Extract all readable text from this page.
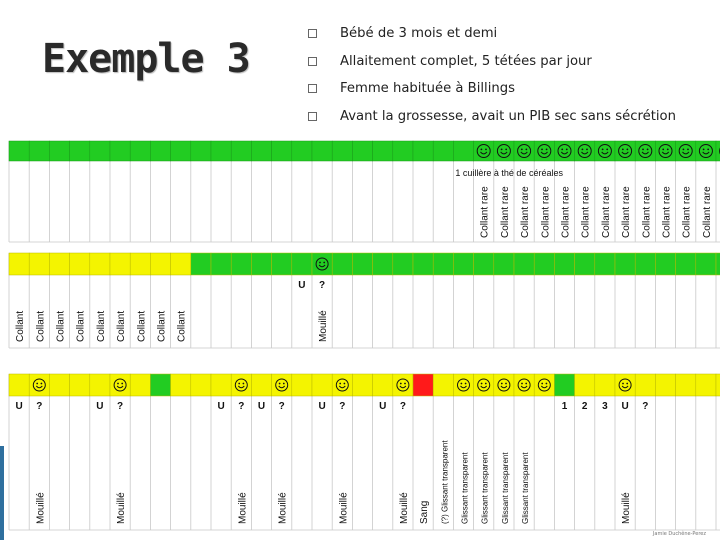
Exemple 3
Bébé de 3 mois et demi
Allaitement complet, 5 tétées par jour
Femme habituée à Billings
Avant la grossesse, avait un PIB sec sans sécrétion
1 cuillère à thé de céréales
Collant rare Collant rare Collant rare Collant rare Collant rare Collant rare Collant rare Collant rare Collant rare Collant rare Collant rare Collant rare
Collant Collant Collant Collant Collant Collant Collant Collant Collant
U ?
Mouillé
U ?
Mouillé
U ?
Mouillé
U ?
Mouillé
U ?
Mouillé
U ?
Mouillé
U ?
Mouillé Sang (?) Glissant transparent Glissant transparent Glissant transparent Glissant transparent Glissant transparent
1 2 3 U
Mouillé
?
Jamie Duchêne-Perez
